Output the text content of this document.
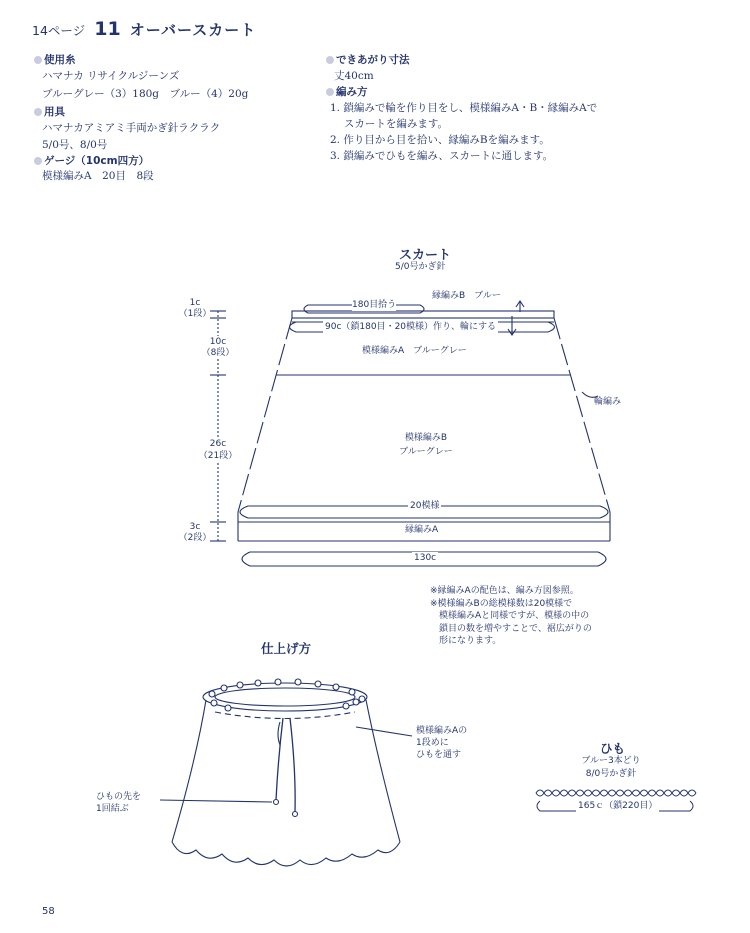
14ページ 11 オーバースカート
使用糸
ハマナカ リサイクルジーンズ
ブルーグレー（3）180g　ブルー（4）20g
用具
ハマナカアミアミ手両かぎ針ラクラク
5/0号、8/0号
ゲージ（10cm四方）
模様編みA　20目　8段
できあがり寸法
丈40cm
編み方
1. 鎖編みで輪を作り目をし、模様編みA・B・縁編みAで
　 スカートを編みます。
2. 作り目から目を拾い、縁編みBを編みます。
3. 鎖編みでひもを編み、スカートに通します。
スカート
5/0号かぎ針
180目拾う
縁編みB　ブルー
90c（鎖180目・20模様）作り、輪にする
模様編みA　ブルーグレー
輪編み
模様編みB
ブルーグレー
20模様
縁編みA
130c
1c
（1段）
10c
（8段）
26c
（21段）
3c
（2段）
※縁編みAの配色は、編み方図参照。
※模様編みBの総模様数は20模様で
　模様編みAと同様ですが、模様の中の
　鎖目の数を増やすことで、裾広がりの
　形になります。
仕上げ方
模様編みAの
1段めに
ひもを通す
ひもの先を
1回結ぶ
ひも
ブルー3本どり
8/0号かぎ針
165ｃ（鎖220目）
58
